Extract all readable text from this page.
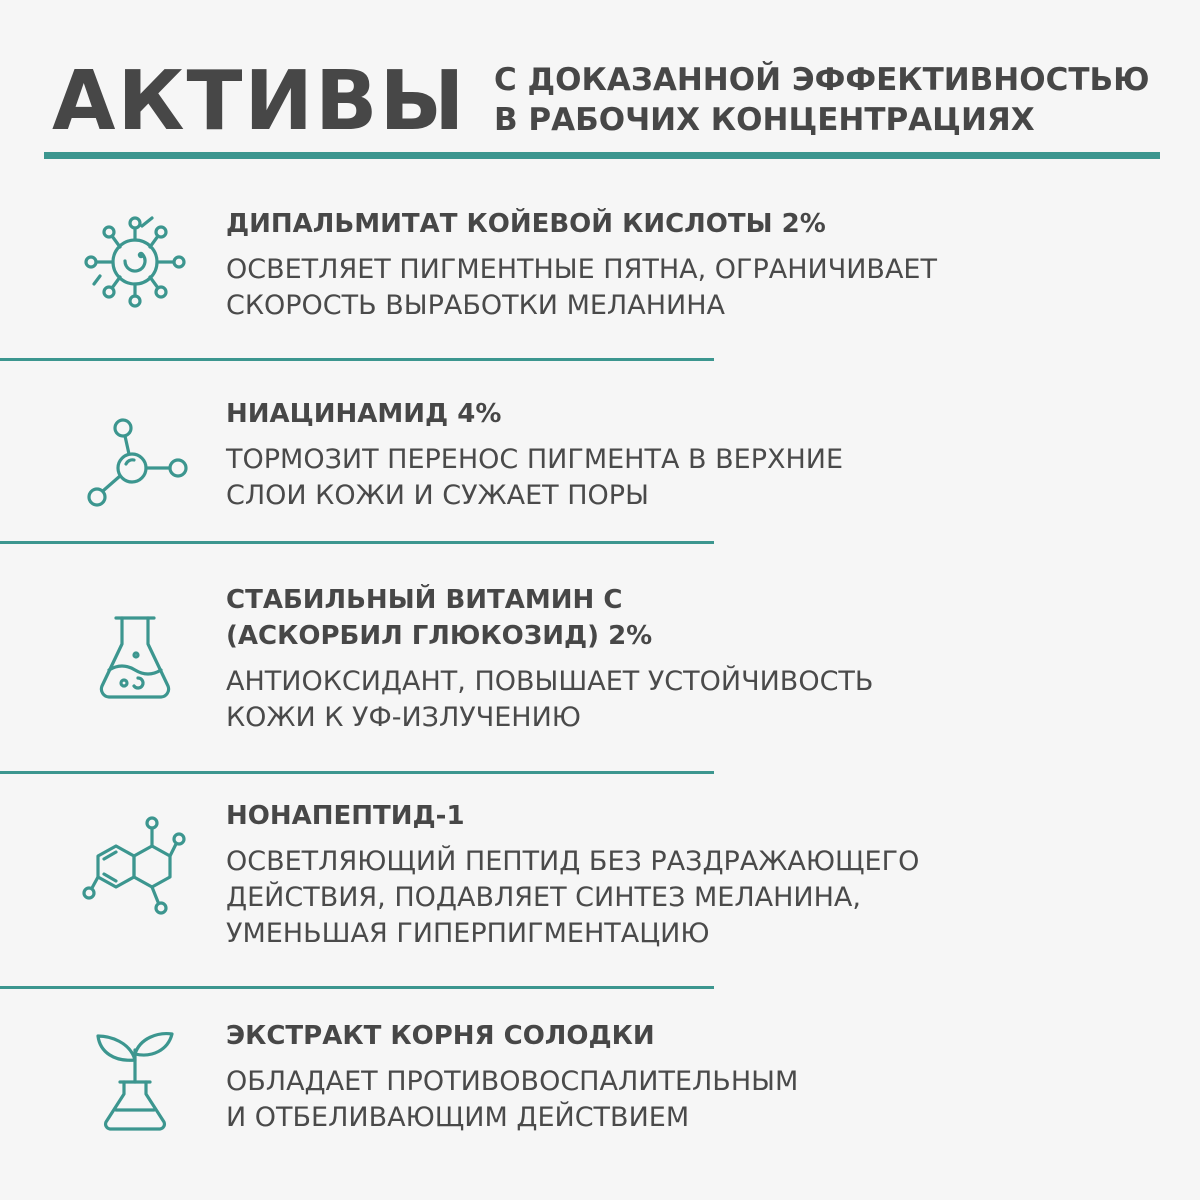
АКТИВЫ С ДОКАЗАННОЙ ЭФФЕКТИВНОСТЬЮ
В РАБОЧИХ КОНЦЕНТРАЦИЯХ
ДИПАЛЬМИТАТ КОЙЕВОЙ КИСЛОТЫ 2%
ОСВЕТЛЯЕТ ПИГМЕНТНЫЕ ПЯТНА, ОГРАНИЧИВАЕТ
СКОРОСТЬ ВЫРАБОТКИ МЕЛАНИНА
НИАЦИНАМИД 4%
ТОРМОЗИТ ПЕРЕНОС ПИГМЕНТА В ВЕРХНИЕ
СЛОИ КОЖИ И СУЖАЕТ ПОРЫ
СТАБИЛЬНЫЙ ВИТАМИН С
(АСКОРБИЛ ГЛЮКОЗИД) 2%
АНТИОКСИДАНТ, ПОВЫШАЕТ УСТОЙЧИВОСТЬ
КОЖИ К УФ-ИЗЛУЧЕНИЮ
НОНАПЕПТИД-1
ОСВЕТЛЯЮЩИЙ ПЕПТИД БЕЗ РАЗДРАЖАЮЩЕГО
ДЕЙСТВИЯ, ПОДАВЛЯЕТ СИНТЕЗ МЕЛАНИНА,
УМЕНЬШАЯ ГИПЕРПИГМЕНТАЦИЮ
ЭКСТРАКТ КОРНЯ СОЛОДКИ
ОБЛАДАЕТ ПРОТИВОВОСПАЛИТЕЛЬНЫМ
И ОТБЕЛИВАЮЩИМ ДЕЙСТВИЕМ
